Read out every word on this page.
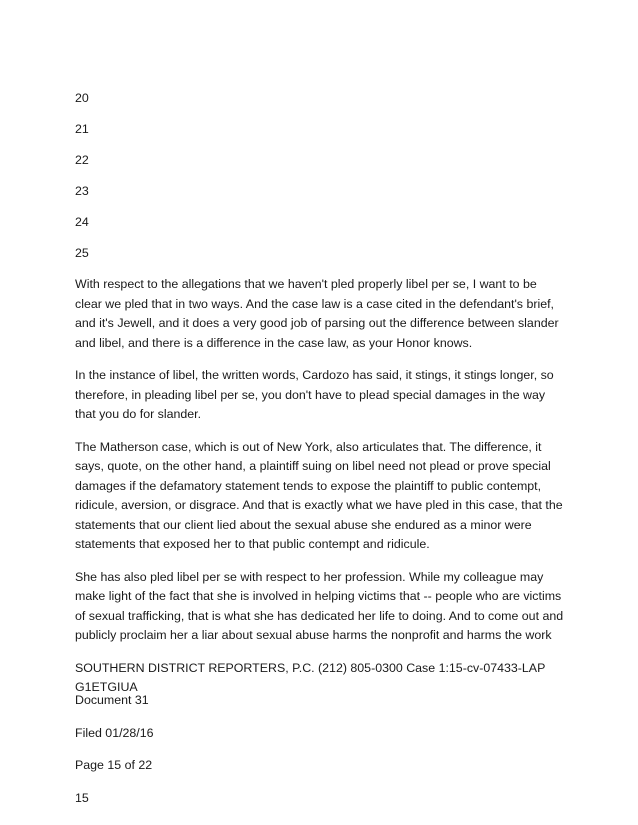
20
21
22
23
24
25

With respect to the allegations that we haven't pled properly libel per se, I want to be clear we pled that in two ways. And the case law is a case cited in the defendant's brief, and it's Jewell, and it does a very good job of parsing out the difference between slander and libel, and there is a difference in the case law, as your Honor knows.

In the instance of libel, the written words, Cardozo has said, it stings, it stings longer, so therefore, in pleading libel per se, you don't have to plead special damages in the way that you do for slander.

The Matherson case, which is out of New York, also articulates that. The difference, it says, quote, on the other hand, a plaintiff suing on libel need not plead or prove special damages if the defamatory statement tends to expose the plaintiff to public contempt, ridicule, aversion, or disgrace. And that is exactly what we have pled in this case, that the statements that our client lied about the sexual abuse she endured as a minor were statements that exposed her to that public contempt and ridicule.

She has also pled libel per se with respect to her profession. While my colleague may make light of the fact that she is involved in helping victims that -- people who are victims of sexual trafficking, that is what she has dedicated her life to doing. And to come out and publicly proclaim her a liar about sexual abuse harms the nonprofit and harms the work

SOUTHERN DISTRICT REPORTERS, P.C. (212) 805-0300 Case 1:15-cv-07433-LAP G1ETGIUA
Document 31
Filed 01/28/16
Page 15 of 22
15
